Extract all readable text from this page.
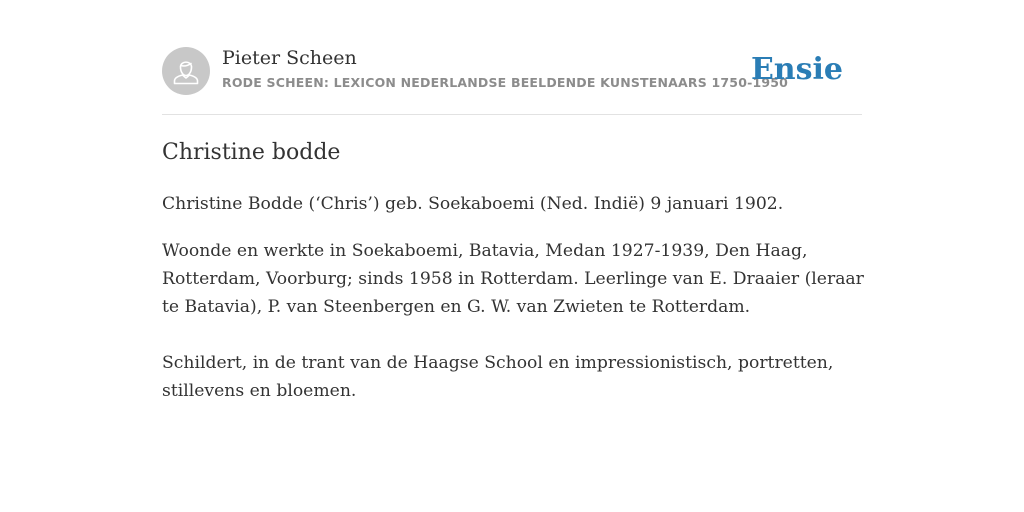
Pieter Scheen
RODE SCHEEN: LEXICON NEDERLANDSE BEELDENDE KUNSTENAARS 1750-1950
Ensie
Christine bodde

Christine Bodde (‘Chris’) geb. Soekaboemi (Ned. Indië) 9 januari 1902.

Woonde en werkte in Soekaboemi, Batavia, Medan 1927-1939, Den Haag, Rotterdam, Voorburg; sinds 1958 in Rotterdam. Leerlinge van E. Draaier (leraar te Batavia), P. van Steenbergen en G. W. van Zwieten te Rotterdam.

Schildert, in de trant van de Haagse School en impressionistisch, portretten, stillevens en bloemen.
